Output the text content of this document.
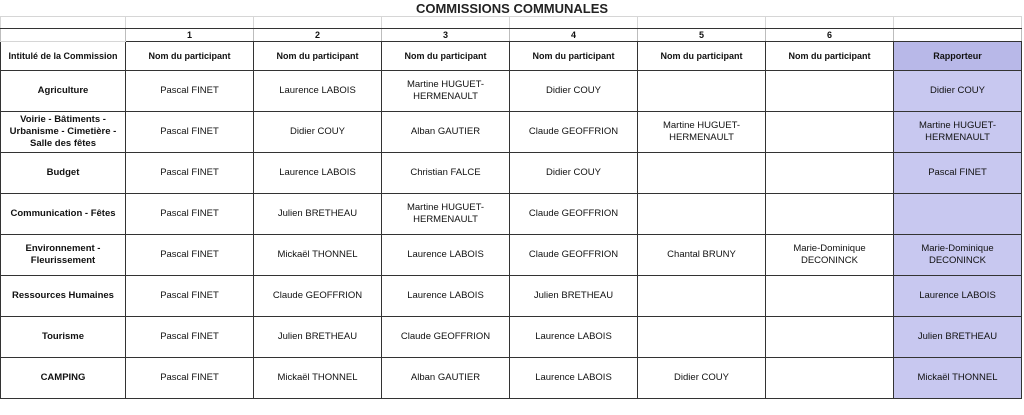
COMMISSIONS COMMUNALES

	1	2	3	4	5	6	
Intitulé de la Commission	Nom du participant	Nom du participant	Nom du participant	Nom du participant	Nom du participant	Nom du participant	Rapporteur
Agriculture	Pascal FINET	Laurence LABOIS	Martine HUGUET-HERMENAULT	Didier COUY			Didier COUY
Voirie - Bâtiments - Urbanisme - Cimetière - Salle des fêtes	Pascal FINET	Didier COUY	Alban GAUTIER	Claude GEOFFRION	Martine HUGUET-HERMENAULT		Martine HUGUET-HERMENAULT
Budget	Pascal FINET	Laurence LABOIS	Christian FALCE	Didier COUY			Pascal FINET
Communication - Fêtes	Pascal FINET	Julien BRETHEAU	Martine HUGUET-HERMENAULT	Claude GEOFFRION			
Environnement - Fleurissement	Pascal FINET	Mickaël THONNEL	Laurence LABOIS	Claude GEOFFRION	Chantal BRUNY	Marie-Dominique DECONINCK	Marie-Dominique DECONINCK
Ressources Humaines	Pascal FINET	Claude GEOFFRION	Laurence LABOIS	Julien BRETHEAU			Laurence LABOIS
Tourisme	Pascal FINET	Julien BRETHEAU	Claude GEOFFRION	Laurence LABOIS			Julien BRETHEAU
CAMPING	Pascal FINET	Mickaël THONNEL	Alban GAUTIER	Laurence LABOIS	Didier COUY		Mickaël THONNEL
